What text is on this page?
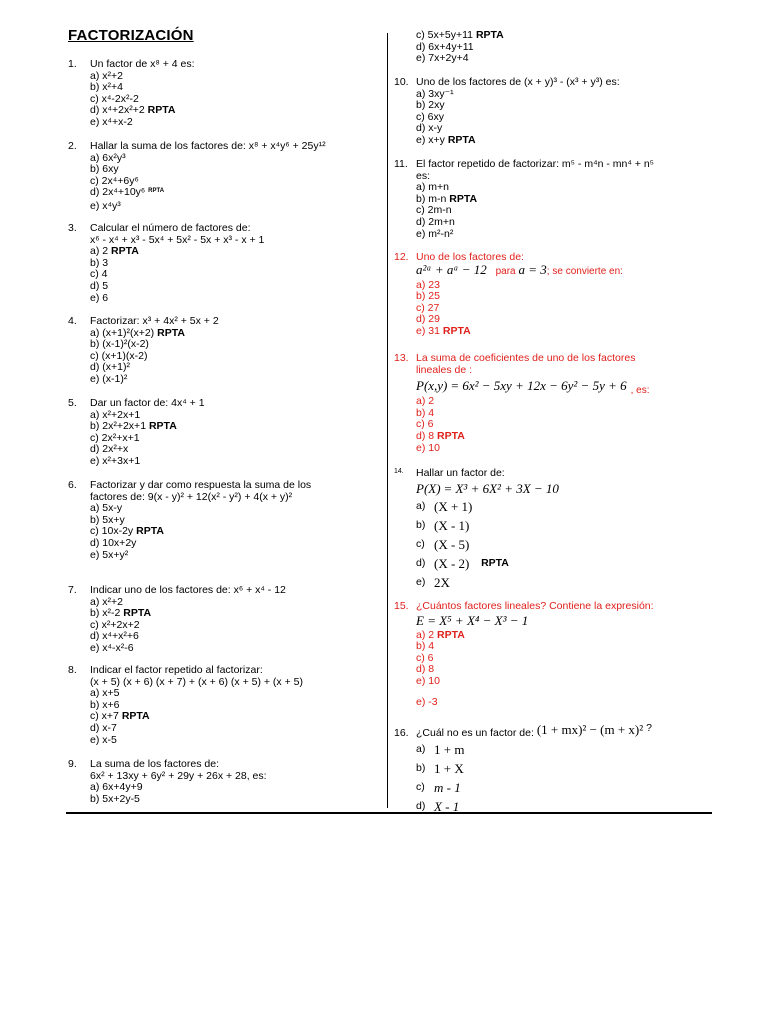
FACTORIZACIÓN
1. Un factor de x⁸ + 4 es:
a) x²+2
b) x²+4
c) x⁴-2x²-2
d) x⁴+2x²+2 RPTA
e) x⁴+x-2
2. Hallar la suma de los factores de: x⁸ + x⁴y⁶ + 25y¹²
a) 6x²y³
b) 6xy
c) 2x⁴+6y⁶
d) 2x⁴+10y⁶ $^{RPTA}$
e) x⁴y³
3. Calcular el número de factores de:
x⁶ - x⁴ + x³ - 5x⁴ + 5x² - 5x + x³ - x + 1
a) 2 RPTA
b) 3
c) 4
d) 5
e) 6
4. Factorizar: x³ + 4x² + 5x + 2
a) (x+1)²(x+2) RPTA
b) (x-1)²(x-2)
c) (x+1)(x-2)
d) (x+1)²
e) (x-1)²
5. Dar un factor de: 4x⁴ + 1
a) x²+2x+1
b) 2x²+2x+1 RPTA
c) 2x²+x+1
d) 2x²+x
e) x²+3x+1
6. Factorizar y dar como respuesta la suma de los
factores de: 9(x - y)² + 12(x² - y²) + 4(x + y)²
a) 5x-y
b) 5x+y
c) 10x-2y RPTA
d) 10x+2y
e) 5x+y²
7. Indicar uno de los factores de: x⁶ + x⁴ - 12
a) x²+2
b) x²-2 RPTA
c) x²+2x+2
d) x⁴+x²+6
e) x⁴-x²-6
8. Indicar el factor repetido al factorizar:
(x + 5) (x + 6) (x + 7) + (x + 6) (x + 5) + (x + 5)
a) x+5
b) x+6
c) x+7 RPTA
d) x-7
e) x-5
9. La suma de los factores de:
6x² + 13xy + 6y² + 29y + 26x + 28, es:
a) 6x+4y+9
b) 5x+2y-5
c) 5x+5y+11 RPTA
d) 6x+4y+11
e) 7x+2y+4
10. Uno de los factores de (x + y)³ - (x³ + y³) es:
a) 3xy⁻¹
b) 2xy
c) 6xy
d) x-y
e) x+y RPTA
11. El factor repetido de factorizar: m⁵ - m⁴n - mn⁴ + n⁵
es:
a) m+n
b) m-n RPTA
c) 2m-n
d) 2m+n
e) m²-n²
12. Uno de los factores de:
a²ᵃ + aᵃ − 12 para a = 3; se convierte en:
a) 23
b) 25
c) 27
d) 29
e) 31 RPTA
13. La suma de coeficientes de uno de los factores
lineales de :
P(x,y)
= 6x² − 5xy + 12x − 6y² − 5y + 6 , es:
a) 2
b) 4
c) 6
d) 8 RPTA
e) 10
14. Hallar un factor de:
P(X)
= X³ + 6X² + 3X − 10
a) (X + 1)
b) (X - 1)
c) (X - 5)
d) (X - 2)
RPTA
e) 2X
15. ¿Cuántos factores lineales? Contiene la expresión:
E = X⁵ + X⁴ − X³ − 1
a) 2 RPTA
b) 4
c) 6
d) 8
e) 10
e) -3
16. ¿Cuál no es un factor de:
(1 + mx)² − (m + x)²
?
a) 1 + m
b) 1 + X
c) m - 1
d) X - 1
